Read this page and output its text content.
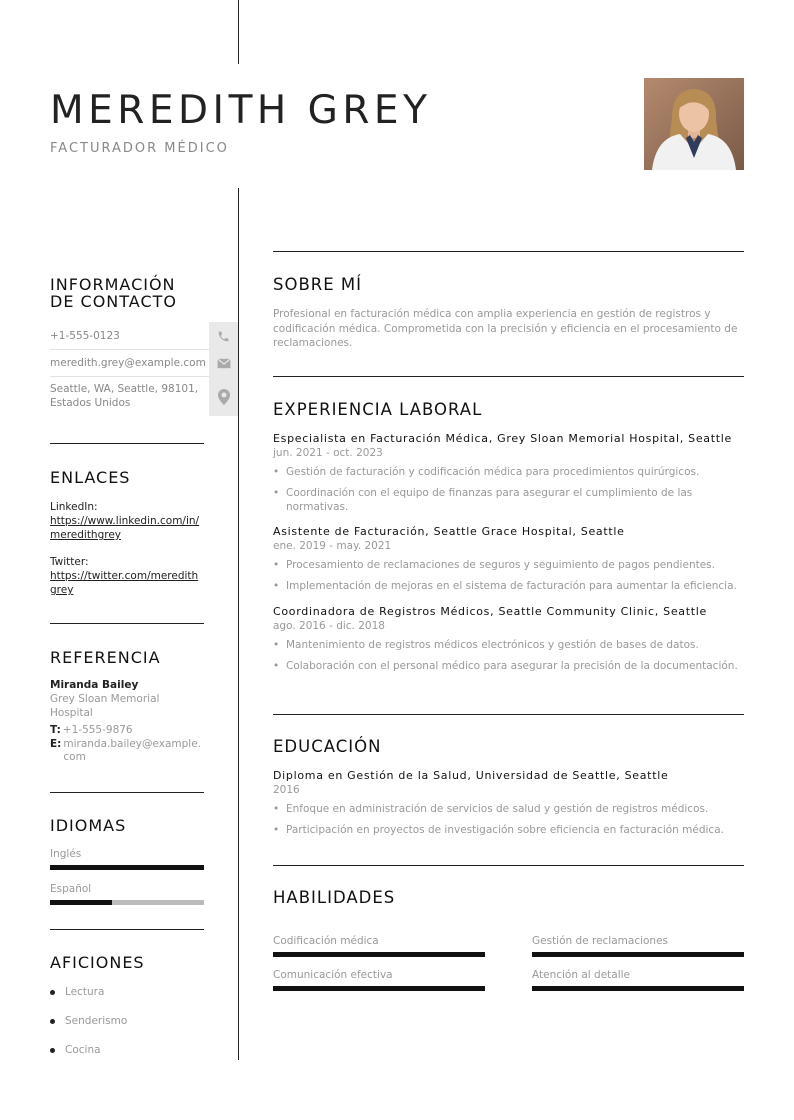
MEREDITH GREY
FACTURADOR MÉDICO
INFORMACIÓN DE CONTACTO
+1-555-0123
meredith.grey@example.com
Seattle, WA, Seattle, 98101, Estados Unidos
ENLACES
LinkedIn:
https://www.linkedin.com/in/meredithgrey
Twitter:
https://twitter.com/meredithgrey
REFERENCIA
Miranda Bailey
Grey Sloan Memorial Hospital
T: +1-555-9876
E: miranda.bailey@example.com
IDIOMAS
Inglés
Español
AFICIONES
Lectura
Senderismo
Cocina
SOBRE MÍ
Profesional en facturación médica con amplia experiencia en gestión de registros y codificación médica. Comprometida con la precisión y eficiencia en el procesamiento de reclamaciones.
EXPERIENCIA LABORAL
Especialista en Facturación Médica, Grey Sloan Memorial Hospital, Seattle
jun. 2021 - oct. 2023
• Gestión de facturación y codificación médica para procedimientos quirúrgicos.
• Coordinación con el equipo de finanzas para asegurar el cumplimiento de las normativas.
Asistente de Facturación, Seattle Grace Hospital, Seattle
ene. 2019 - may. 2021
• Procesamiento de reclamaciones de seguros y seguimiento de pagos pendientes.
• Implementación de mejoras en el sistema de facturación para aumentar la eficiencia.
Coordinadora de Registros Médicos, Seattle Community Clinic, Seattle
ago. 2016 - dic. 2018
• Mantenimiento de registros médicos electrónicos y gestión de bases de datos.
• Colaboración con el personal médico para asegurar la precisión de la documentación.
EDUCACIÓN
Diploma en Gestión de la Salud, Universidad de Seattle, Seattle
2016
• Enfoque en administración de servicios de salud y gestión de registros médicos.
• Participación en proyectos de investigación sobre eficiencia en facturación médica.
HABILIDADES
Codificación médica	Gestión de reclamaciones
Comunicación efectiva	Atención al detalle
